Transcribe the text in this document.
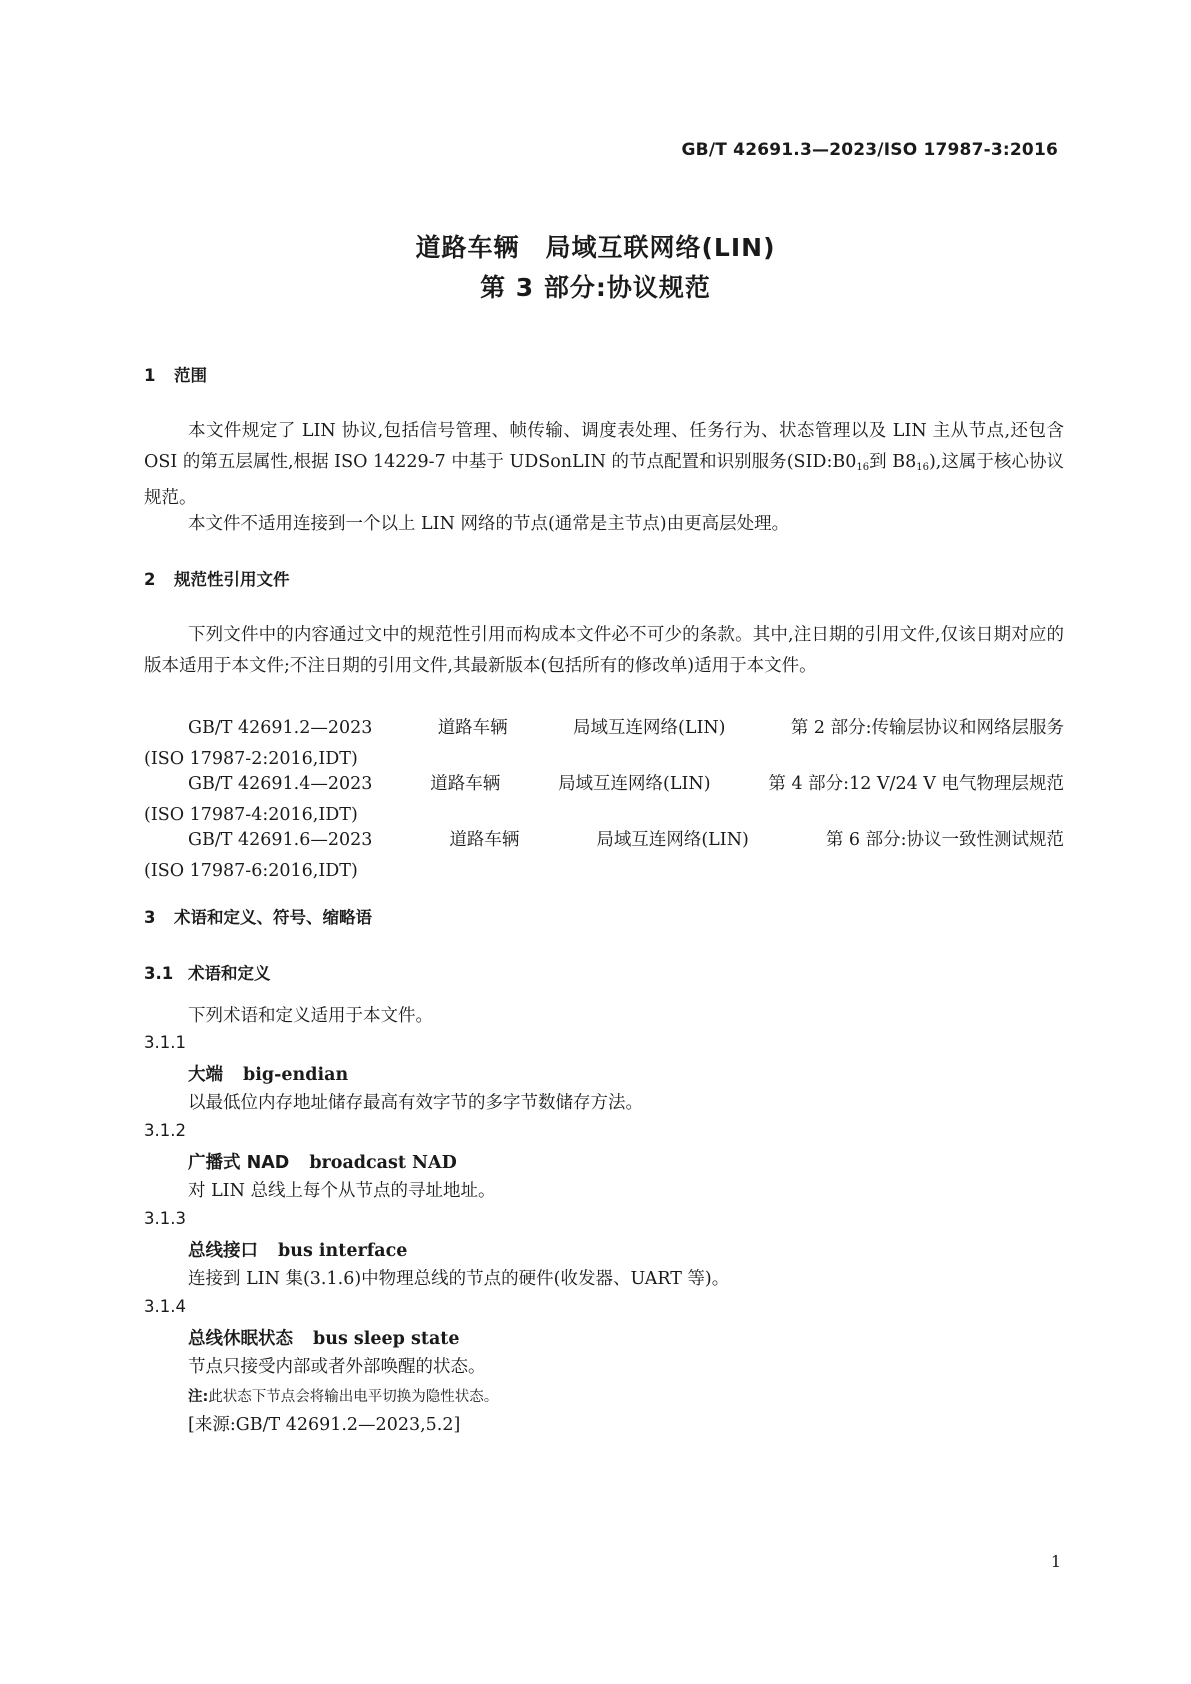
GB/T 42691.3—2023/ISO 17987-3:2016
道路车辆　局域互联网络(LIN)
第 3 部分:协议规范
1 范围
本文件规定了 LIN 协议,包括信号管理、帧传输、调度表处理、任务行为、状态管理以及 LIN 主从节点,还包含 OSI 的第五层属性,根据 ISO 14229-7 中基于 UDSonLIN 的节点配置和识别服务($SID:B0_{16}$到 $B8_{16}$),这属于核心协议规范。
本文件不适用连接到一个以上 LIN 网络的节点(通常是主节点)由更高层处理。
2 规范性引用文件
下列文件中的内容通过文中的规范性引用而构成本文件必不可少的条款。其中,注日期的引用文件,仅该日期对应的版本适用于本文件;不注日期的引用文件,其最新版本(包括所有的修改单)适用于本文件。
GB/T 42691.2—2023	道路车辆	局域互连网络(LIN)	第 2 部分:传输层协议和网络层服务
(ISO 17987-2:2016,IDT)
GB/T 42691.4—2023	道路车辆	局域互连网络(LIN)	第 4 部分:12 V/24 V 电气物理层规范
(ISO 17987-4:2016,IDT)
GB/T 42691.6—2023	道路车辆	局域互连网络(LIN)	第 6 部分:协议一致性测试规范
(ISO 17987-6:2016,IDT)
3 术语和定义、符号、缩略语
3.1 术语和定义
下列术语和定义适用于本文件。
3.1.1
大端 big-endian
以最低位内存地址储存最高有效字节的多字节数储存方法。
3.1.2
广播式 NAD broadcast NAD
对 LIN 总线上每个从节点的寻址地址。
3.1.3
总线接口 bus interface
连接到 LIN 集(3.1.6)中物理总线的节点的硬件(收发器、UART 等)。
3.1.4
总线休眠状态 bus sleep state
节点只接受内部或者外部唤醒的状态。
注:此状态下节点会将输出电平切换为隐性状态。
[来源:GB/T 42691.2—2023,5.2]
1
